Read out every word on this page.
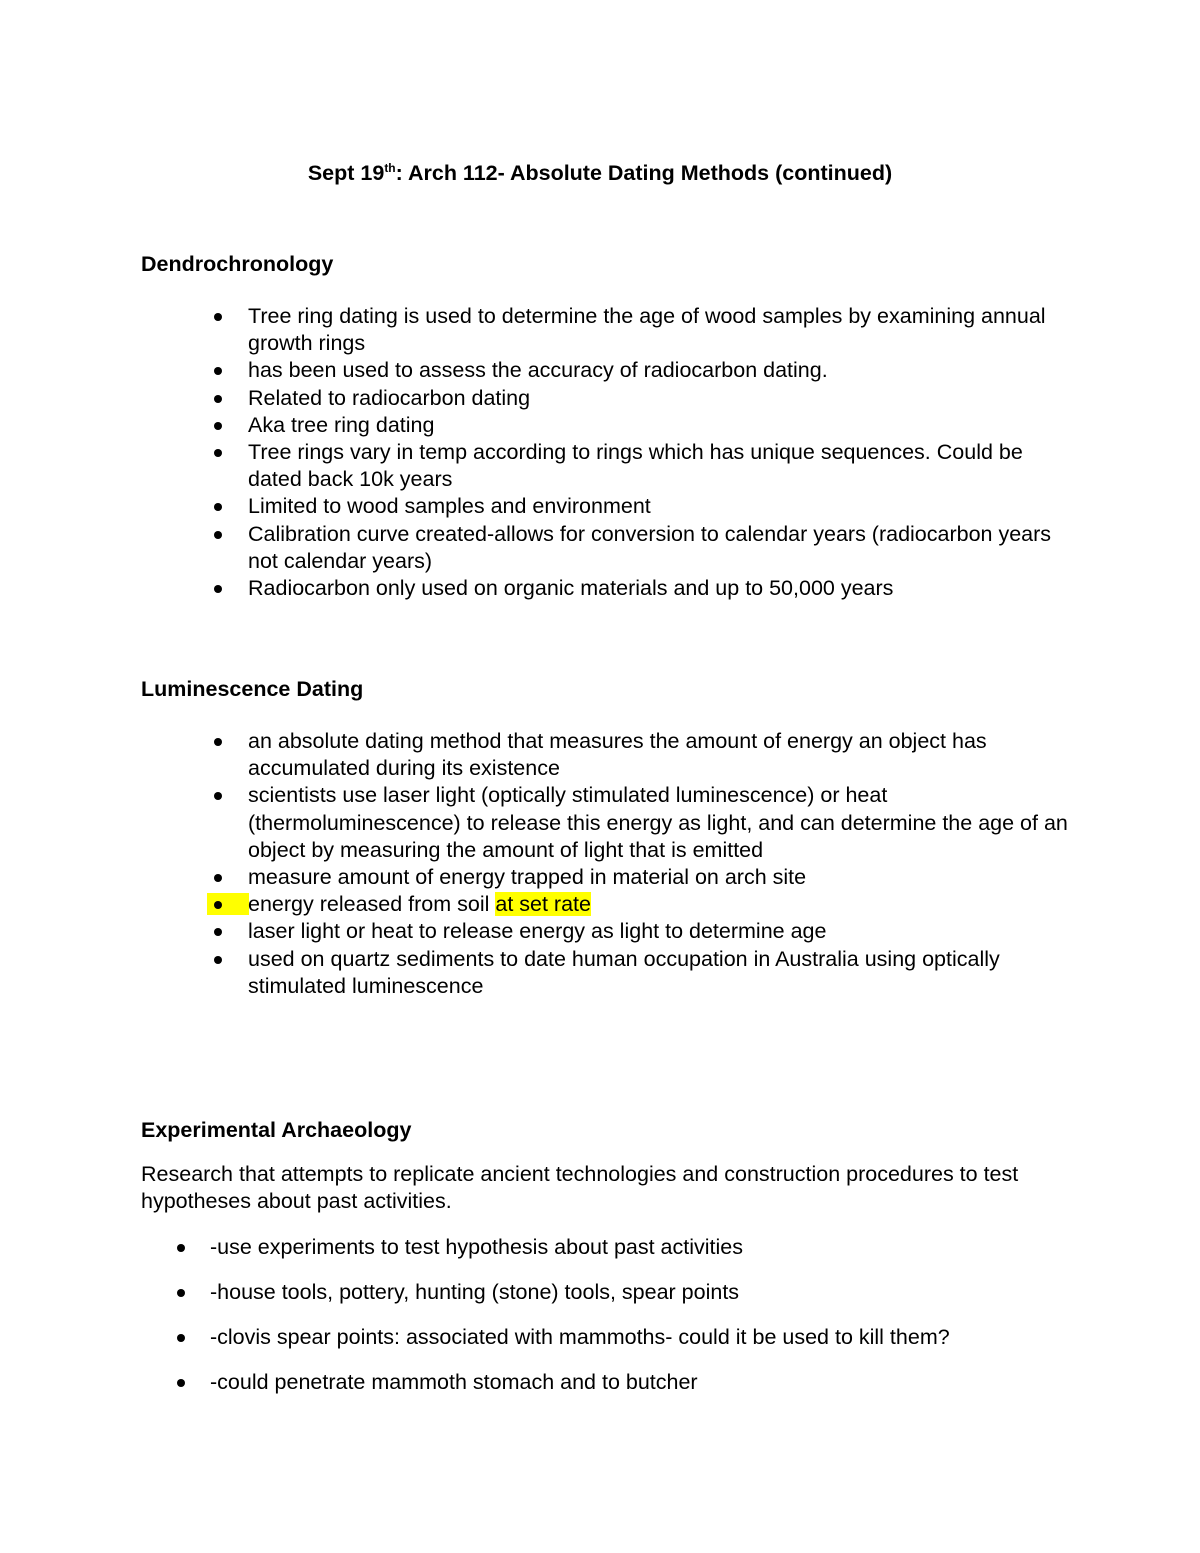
Sept 19th: Arch 112- Absolute Dating Methods (continued)
Dendrochronology
Tree ring dating is used to determine the age of wood samples by examining annual growth rings
has been used to assess the accuracy of radiocarbon dating.
Related to radiocarbon dating
Aka tree ring dating
Tree rings vary in temp according to rings which has unique sequences. Could be dated back 10k years
Limited to wood samples and environment
Calibration curve created-allows for conversion to calendar years (radiocarbon years not calendar years)
Radiocarbon only used on organic materials and up to 50,000 years
Luminescence Dating
an absolute dating method that measures the amount of energy an object has accumulated during its existence
scientists use laser light (optically stimulated luminescence) or heat (thermoluminescence) to release this energy as light, and can determine the age of an object by measuring the amount of light that is emitted
measure amount of energy trapped in material on arch site
energy released from soil at set rate
laser light or heat to release energy as light to determine age
used on quartz sediments to date human occupation in Australia using optically stimulated luminescence
Experimental Archaeology
Research that attempts to replicate ancient technologies and construction procedures to test hypotheses about past activities.
-use experiments to test hypothesis about past activities
-house tools, pottery, hunting (stone) tools, spear points
-clovis spear points: associated with mammoths- could it be used to kill them?
-could penetrate mammoth stomach and to butcher
